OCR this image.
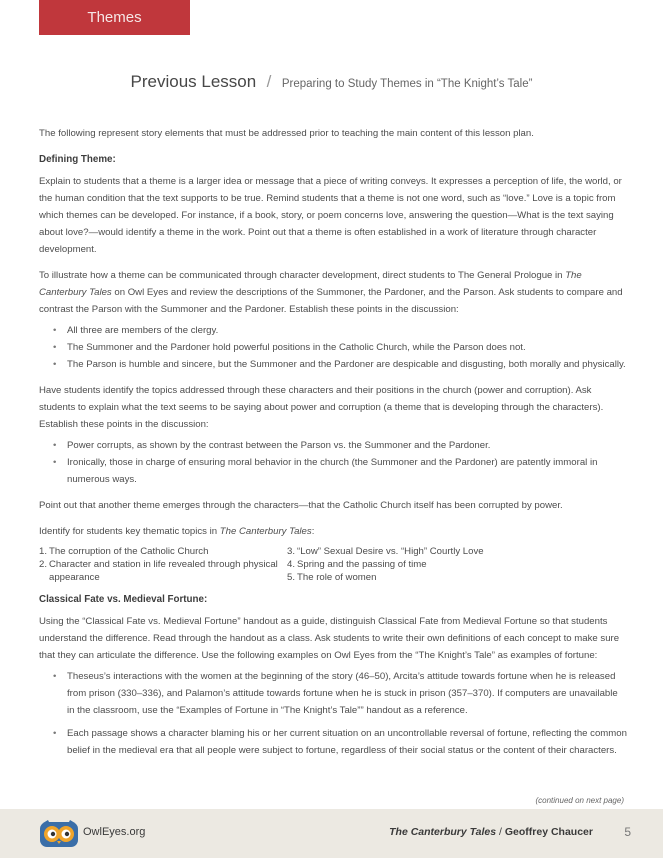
Themes
Previous Lesson / Preparing to Study Themes in “The Knight’s Tale”

The following represent story elements that must be addressed prior to teaching the main content of this lesson plan.

Defining Theme:

Explain to students that a theme is a larger idea or message that a piece of writing conveys. It expresses a perception of life, the world, or the human condition that the text supports to be true. Remind students that a theme is not one word, such as “love.” Love is a topic from which themes can be developed. For instance, if a book, story, or poem concerns love, answering the question—What is the text saying about love?—would identify a theme in the work. Point out that a theme is often established in a work of literature through character development.

To illustrate how a theme can be communicated through character development, direct students to The General Prologue in The Canterbury Tales on Owl Eyes and review the descriptions of the Summoner, the Pardoner, and the Parson. Ask students to compare and contrast the Parson with the Summoner and the Pardoner. Establish these points in the discussion:

• All three are members of the clergy.
• The Summoner and the Pardoner hold powerful positions in the Catholic Church, while the Parson does not.
• The Parson is humble and sincere, but the Summoner and the Pardoner are despicable and disgusting, both morally and physically.

Have students identify the topics addressed through these characters and their positions in the church (power and corruption). Ask students to explain what the text seems to be saying about power and corruption (a theme that is developing through the characters). Establish these points in the discussion:

• Power corrupts, as shown by the contrast between the Parson vs. the Summoner and the Pardoner.
• Ironically, those in charge of ensuring moral behavior in the church (the Summoner and the Pardoner) are patently immoral in numerous ways.

Point out that another theme emerges through the characters—that the Catholic Church itself has been corrupted by power.

Identify for students key thematic topics in The Canterbury Tales:

1. The corruption of the Catholic Church
2. Character and station in life revealed through physical appearance
3. “Low” Sexual Desire vs. “High” Courtly Love
4. Spring and the passing of time
5. The role of women
Classical Fate vs. Medieval Fortune:

Using the “Classical Fate vs. Medieval Fortune” handout as a guide, distinguish Classical Fate from Medieval Fortune so that students understand the difference. Read through the handout as a class. Ask students to write their own definitions of each concept to make sure that they can articulate the difference. Use the following examples on Owl Eyes from the “The Knight’s Tale” as examples of fortune:

• Theseus’s interactions with the women at the beginning of the story (46–50), Arcita’s attitude towards fortune when he is released from prison (330–336), and Palamon’s attitude towards fortune when he is stuck in prison (357–370). If computers are unavailable in the classroom, use the “Examples of Fortune in “The Knight’s Tale”” handout as a reference.
• Each passage shows a character blaming his or her current situation on an uncontrollable reversal of fortune, reflecting the common belief in the medieval era that all people were subject to fortune, regardless of their social status or the content of their characters.
(continued on next page)
OwlEyes.org	The Canterbury Tales / Geoffrey Chaucer	5
